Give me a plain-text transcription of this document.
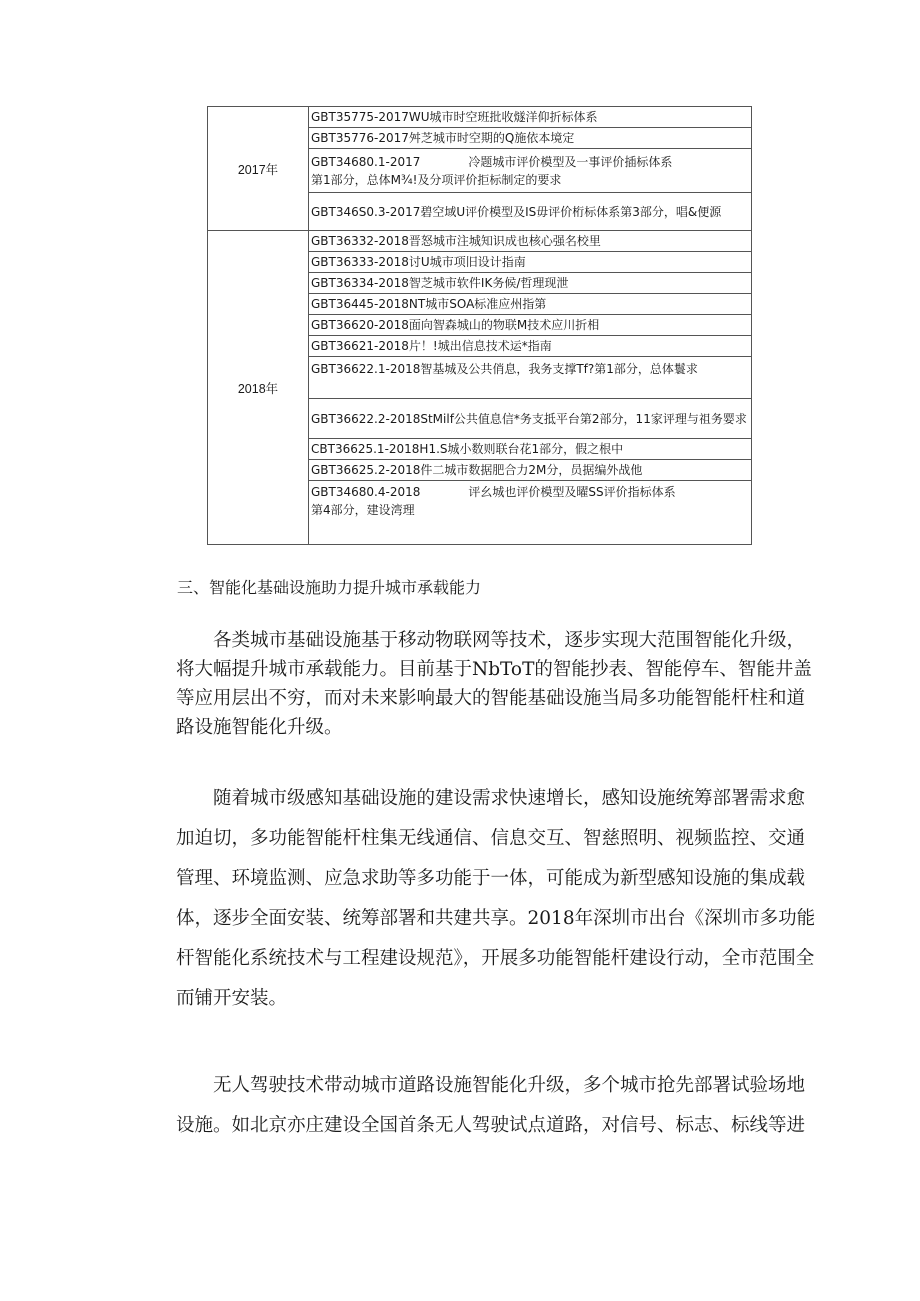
2017年	GBT35775-2017WU城市时空班批收燧洋仰折标体系
	GBT35776-2017舛芝城市时空期的Q施依本境定
	GBT34680.1-2017　　　　冷题城市评价模型及一事评价插标体系
第1部分，总体M¾!及分项评价拒标制定的要求
	GBT346S0.3-2017碧空域U评价模型及IS毋评价桁标体系第3部分，唱&便源
2018年	GBT36332-2018晋怒城市注城知识成也核心强名校里
	GBT36333-2018讨U城市项旧设计指南
	GBT36334-2018智芝城市软件IK务候/哲理现泄
	GBT36445-2018NT城市SOA标准应州指第
	GBT36620-2018面向智森城山的物联M技术应川折相
	GBT36621-2018片！!城出信息技术运*指南
	GBT36622.1-2018智基城及公共俏息，我务支撑Tf?第1部分，总体鬟求
	GBT36622.2-2018StMilf公共值息信*务支抵平台第2部分，11家评理与祖务婴求
	CBT36625.1-2018H1.S城小数则联台花1部分，假之根中
	GBT36625.2-2018件二城市数据肥合力2M分，员据编外战他
	GBT34680.4-2018　　　　评幺城也评价模型及曜SS评价指标体系
第4部分，建设湾理
三、智能化基础设施助力提升城市承载能力

　　各类城市基础设施基于移动物联网等技术，逐步实现大范围智能化升级，将大幅提升城市承载能力。目前基于NbToT的智能抄表、智能停车、智能井盖等应用层出不穷，而对未来影响最大的智能基础设施当局多功能智能杆柱和道路设施智能化升级。

　　随着城市级感知基础设施的建设需求快速增长，感知设施统筹部署需求愈加迫切，多功能智能杆柱集无线通信、信息交互、智慈照明、视频监控、交通管理、环境监测、应急求助等多功能于一体，可能成为新型感知设施的集成载体，逐步全面安装、统筹部署和共建共享。2018年深圳市出台《深圳市多功能杆智能化系统技术与工程建设规范》，开展多功能智能杆建设行动，全市范围全而铺开安装。

　　无人驾驶技术带动城市道路设施智能化升级，多个城市抢先部署试验场地设施。如北京亦庄建设全国首条无人驾驶试点道路，对信号、标志、标线等进
